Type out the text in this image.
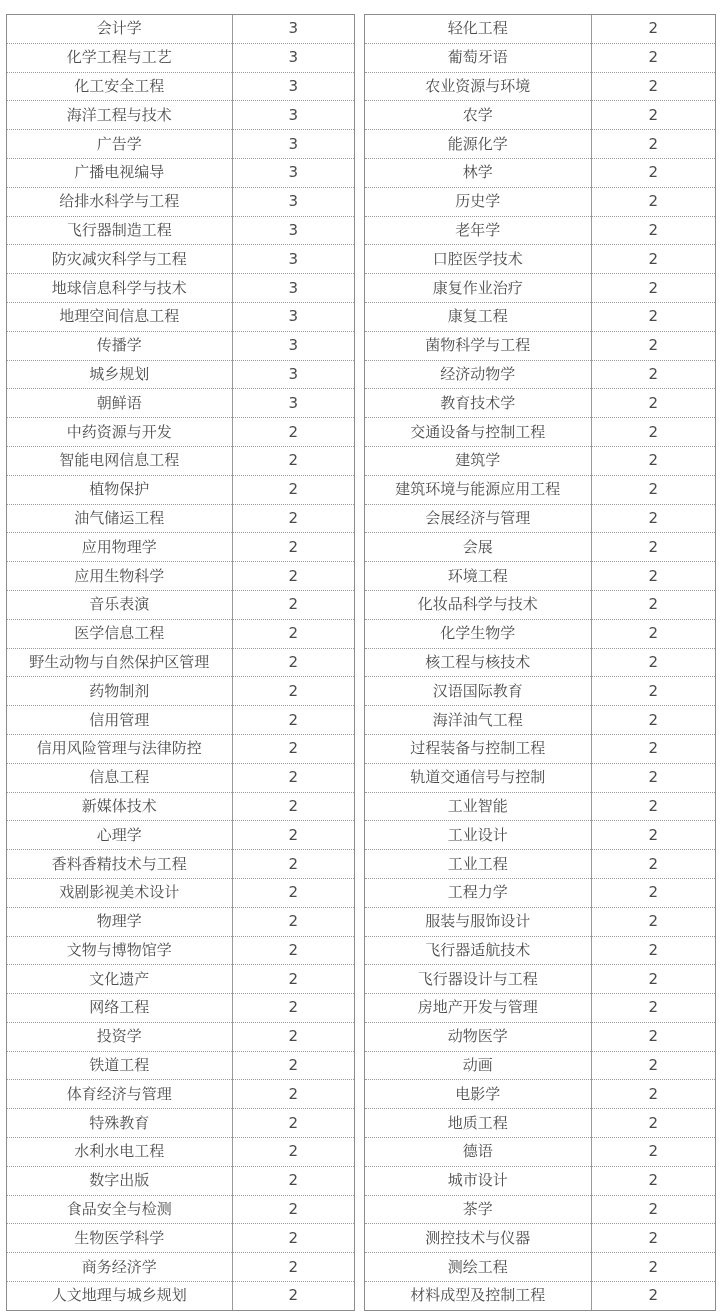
会计学	3
化学工程与工艺	3
化工安全工程	3
海洋工程与技术	3
广告学	3
广播电视编导	3
给排水科学与工程	3
飞行器制造工程	3
防灾减灾科学与工程	3
地球信息科学与技术	3
地理空间信息工程	3
传播学	3
城乡规划	3
朝鲜语	3
中药资源与开发	2
智能电网信息工程	2
植物保护	2
油气储运工程	2
应用物理学	2
应用生物科学	2
音乐表演	2
医学信息工程	2
野生动物与自然保护区管理	2
药物制剂	2
信用管理	2
信用风险管理与法律防控	2
信息工程	2
新媒体技术	2
心理学	2
香料香精技术与工程	2
戏剧影视美术设计	2
物理学	2
文物与博物馆学	2
文化遗产	2
网络工程	2
投资学	2
铁道工程	2
体育经济与管理	2
特殊教育	2
水利水电工程	2
数字出版	2
食品安全与检测	2
生物医学科学	2
商务经济学	2
人文地理与城乡规划	2
轻化工程	2
葡萄牙语	2
农业资源与环境	2
农学	2
能源化学	2
林学	2
历史学	2
老年学	2
口腔医学技术	2
康复作业治疗	2
康复工程	2
菌物科学与工程	2
经济动物学	2
教育技术学	2
交通设备与控制工程	2
建筑学	2
建筑环境与能源应用工程	2
会展经济与管理	2
会展	2
环境工程	2
化妆品科学与技术	2
化学生物学	2
核工程与核技术	2
汉语国际教育	2
海洋油气工程	2
过程装备与控制工程	2
轨道交通信号与控制	2
工业智能	2
工业设计	2
工业工程	2
工程力学	2
服装与服饰设计	2
飞行器适航技术	2
飞行器设计与工程	2
房地产开发与管理	2
动物医学	2
动画	2
电影学	2
地质工程	2
德语	2
城市设计	2
茶学	2
测控技术与仪器	2
测绘工程	2
材料成型及控制工程	2
